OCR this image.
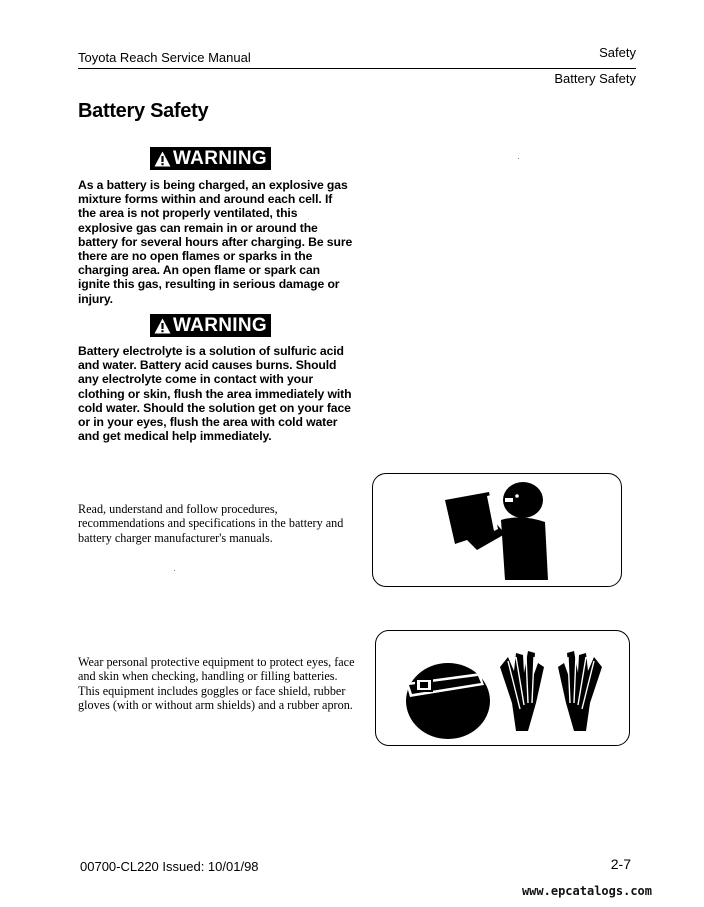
Toyota Reach Service Manual	Safety
Battery Safety
Battery Safety
WARNING
As a battery is being charged, an explosive gas mixture forms within and around each cell. If the area is not properly ventilated, this explosive gas can remain in or around the battery for several hours after charging. Be sure there are no open flames or sparks in the charging area. An open flame or spark can ignite this gas, resulting in serious damage or injury.
WARNING
Battery electrolyte is a solution of sulfuric acid and water. Battery acid causes burns. Should any electrolyte come in contact with your clothing or skin, flush the area immediately with cold water. Should the solution get on your face or in your eyes, flush the area with cold water and get medical help immediately.
Read, understand and follow procedures, recommendations and specifications in the battery and battery charger manufacturer's manuals.
Wear personal protective equipment to protect eyes, face and skin when checking, handling or filling batteries. This equipment includes goggles or face shield, rubber gloves (with or without arm shields) and a rubber apron.
00700-CL220 Issued: 10/01/98	2-7
www.epcatalogs.com
